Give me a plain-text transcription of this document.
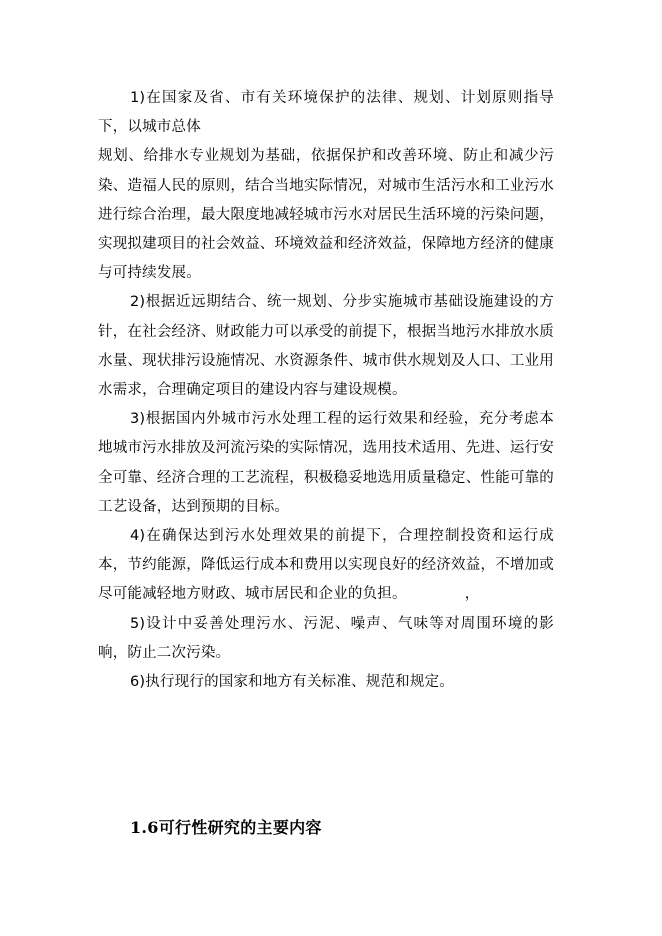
1)在国家及省、市有关环境保护的法律、规划、计划原则指导下，以城市总体

规划、给排水专业规划为基础，依据保护和改善环境、防止和减少污染、造福人民的原则，结合当地实际情况，对城市生活污水和工业污水进行综合治理，最大限度地减轻城市污水对居民生活环境的污染问题，实现拟建项目的社会效益、环境效益和经济效益，保障地方经济的健康与可持续发展。

2)根据近远期结合、统一规划、分步实施城市基础设施建设的方针，在社会经济、财政能力可以承受的前提下，根据当地污水排放水质水量、现状排污设施情况、水资源条件、城市供水规划及人口、工业用水需求，合理确定项目的建设内容与建设规模。

3)根据国内外城市污水处理工程的运行效果和经验，充分考虑本地城市污水排放及河流污染的实际情况，选用技术适用、先进、运行安全可靠、经济合理的工艺流程，积极稳妥地选用质量稳定、性能可靠的工艺设备，达到预期的目标。

4)在确保达到污水处理效果的前提下，合理控制投资和运行成本，节约能源，降低运行成本和费用以实现良好的经济效益，不增加或尽可能减轻地方财政、城市居民和企业的负担。	，

5)设计中妥善处理污水、污泥、噪声、气味等对周围环境的影响，防止二次污染。

6)执行现行的国家和地方有关标准、规范和规定。

1.6可行性研究的主要内容
